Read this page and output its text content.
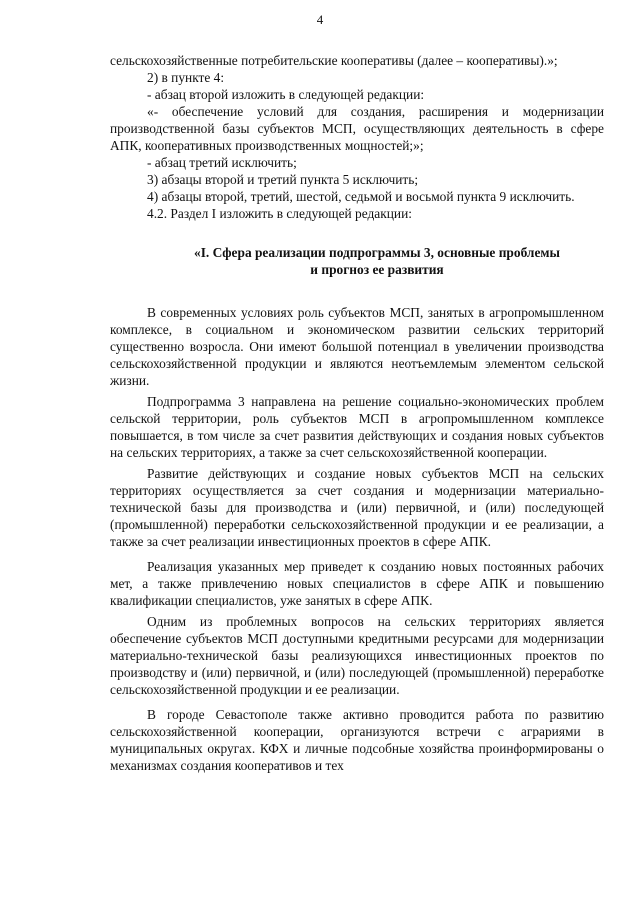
4

сельскохозяйственные потребительские кооперативы (далее – кооперативы).»;

2) в пункте 4:

- абзац второй изложить в следующей редакции:

«- обеспечение условий для создания, расширения и модернизации производственной базы субъектов МСП, осуществляющих деятельность в сфере АПК, кооперативных производственных мощностей;»;

- абзац третий исключить;

3) абзацы второй и третий пункта 5 исключить;

4) абзацы второй, третий, шестой, седьмой и восьмой пункта 9 исключить.

4.2. Раздел I изложить в следующей редакции:

«I. Сфера реализации подпрограммы 3, основные проблемы
и прогноз ее развития

В современных условиях роль субъектов МСП, занятых в агропромышленном комплексе, в социальном и экономическом развитии сельских территорий существенно возросла. Они имеют большой потенциал в увеличении производства сельскохозяйственной продукции и являются неотъемлемым элементом сельской жизни.

Подпрограмма 3 направлена на решение социально-экономических проблем сельской территории, роль субъектов МСП в агропромышленном комплексе повышается, в том числе за счет развития действующих и создания новых субъектов на сельских территориях, а также за счет сельскохозяйственной кооперации.

Развитие действующих и создание новых субъектов МСП на сельских территориях осуществляется за счет создания и модернизации материально-технической базы для производства и (или) первичной, и (или) последующей (промышленной) переработки сельскохозяйственной продукции и ее реализации, а также за счет реализации инвестиционных проектов в сфере АПК.

Реализация указанных мер приведет к созданию новых постоянных рабочих мет, а также привлечению новых специалистов в сфере АПК и повышению квалификации специалистов, уже занятых в сфере АПК.

Одним из проблемных вопросов на сельских территориях является обеспечение субъектов МСП доступными кредитными ресурсами для модернизации материально-технической базы реализующихся инвестиционных проектов по производству и (или) первичной, и (или) последующей (промышленной) переработке сельскохозяйственной продукции и ее реализации.

В городе Севастополе также активно проводится работа по развитию сельскохозяйственной кооперации, организуются встречи с аграриями в муниципальных округах. КФХ и личные подсобные хозяйства проинформированы о механизмах создания кооперативов и тех
